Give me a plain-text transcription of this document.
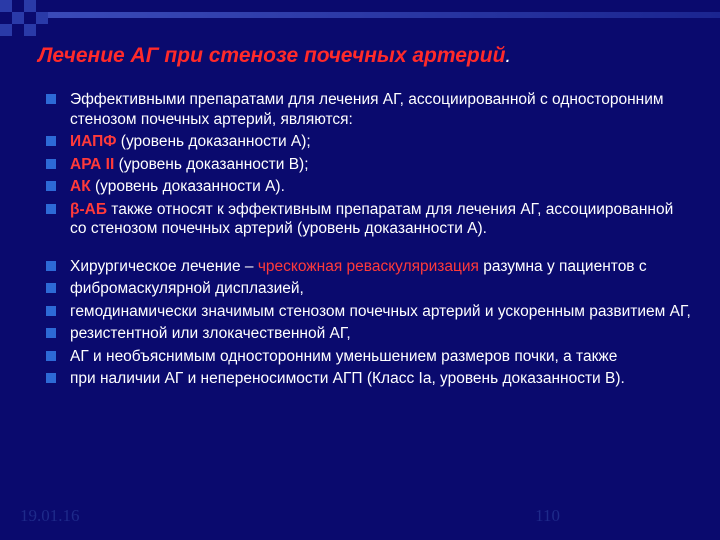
Лечение АГ при стенозе почечных артерий.
Эффективными препаратами для лечения АГ, ассоциированной с односторонним стенозом почечных артерий, являются:
ИАПФ (уровень доказанности А);
АРА II (уровень доказанности В);
АК (уровень доказанности А).
β-АБ также относят к эффективным препаратам для лечения АГ, ассоциированной со стенозом почечных артерий (уровень доказанности А).
Хирургическое лечение – чрескожная реваскуляризация разумна у пациентов с
фибромаскулярной дисплазией,
гемодинамически значимым стенозом почечных артерий и ускоренным развитием АГ,
резистентной или злокачественной АГ,
АГ и необъяснимым односторонним уменьшением размеров почки, а также
при наличии АГ и непереносимости АГП (Класс Iа, уровень доказанности В).
19.01.16	110
